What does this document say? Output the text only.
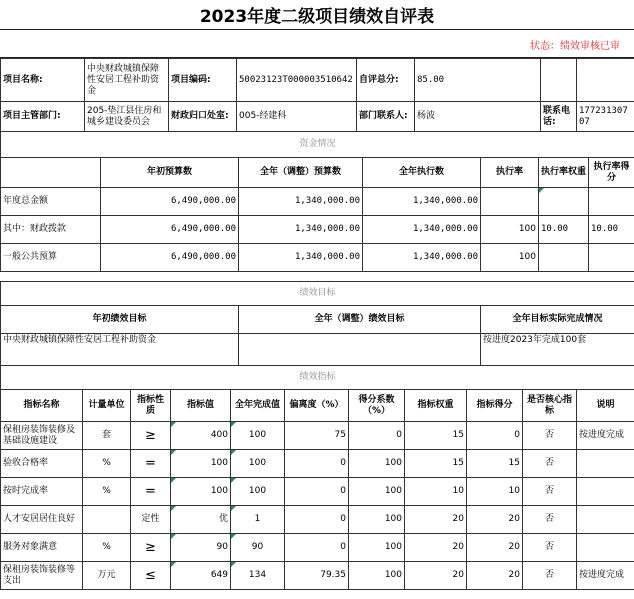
2023年度二级项目绩效自评表
状态：绩效审核已审
项目名称:	中央财政城镇保障性安居工程补助资金	项目编码:	50023123T000003510642	自评总分:	85.00		
项目主管部门:	205-垫江县住房和城乡建设委员会	财政归口处室:	005-经建科	部门联系人:	杨波	联系电话:	17723130707
资金情况						
	年初预算数	全年（调整）预算数	全年执行数	执行率	执行率权重	执行率得分
年度总金额	6,490,000.00	1,340,000.00	1,340,000.00			
其中：财政拨款	6,490,000.00	1,340,000.00	1,340,000.00	100	10.00	10.00
一般公共预算	6,490,000.00	1,340,000.00	1,340,000.00	100		
绩效目标		
年初绩效目标	全年（调整）绩效目标	全年目标实际完成情况
中央财政城镇保障性安居工程补助资金		按进度2023年完成100套
绩效指标										
指标名称	计量单位	指标性质	指标值	全年完成值	偏离度（%）	得分系数（%）	指标权重	指标得分	是否核心指标	说明
保租房装饰装修及基础设施建设	套	≥	400	100	75	0	15	0	否	按进度完成
验收合格率	%	=	100	100	0	100	15	15	否	
按时完成率	%	=	100	100	0	100	10	10	否	
人才安居居住良好		定性	优	1	0	100	20	20	否	
服务对象满意	%	≥	90	90	0	100	20	20	否	
保租房装饰装修等支出	万元	≤	649	134	79.35	100	20	20	否	按进度完成
